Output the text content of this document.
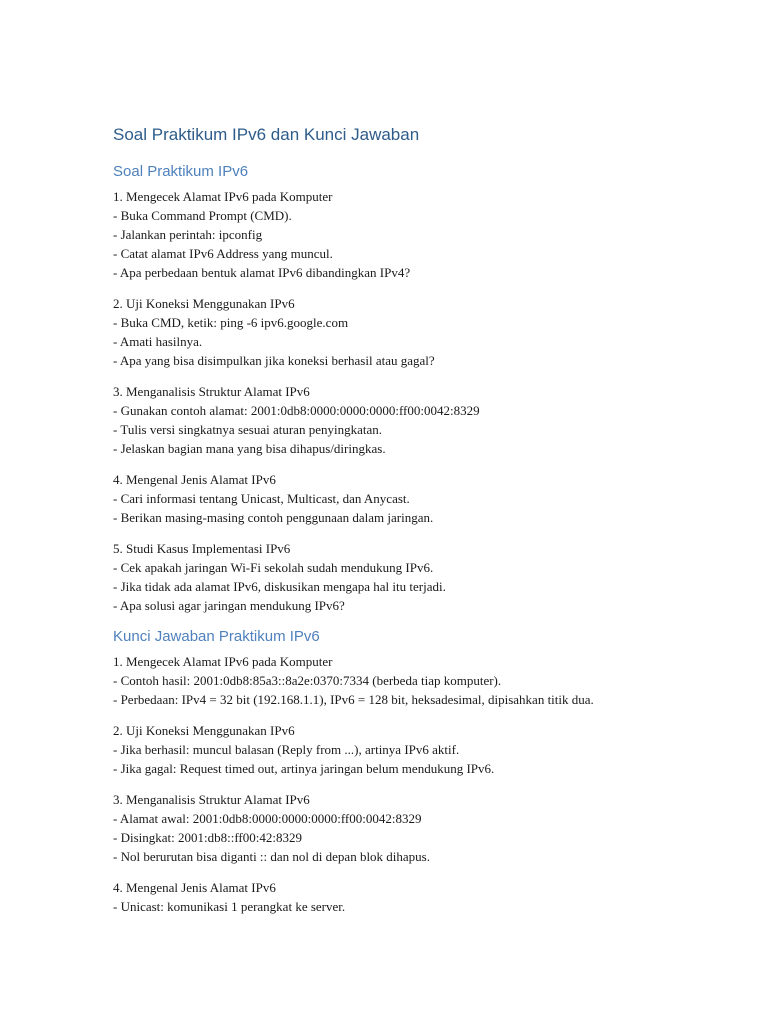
Soal Praktikum IPv6 dan Kunci Jawaban
Soal Praktikum IPv6
1. Mengecek Alamat IPv6 pada Komputer
- Buka Command Prompt (CMD).
- Jalankan perintah: ipconfig
- Catat alamat IPv6 Address yang muncul.
- Apa perbedaan bentuk alamat IPv6 dibandingkan IPv4?
2. Uji Koneksi Menggunakan IPv6
- Buka CMD, ketik: ping -6 ipv6.google.com
- Amati hasilnya.
- Apa yang bisa disimpulkan jika koneksi berhasil atau gagal?
3. Menganalisis Struktur Alamat IPv6
- Gunakan contoh alamat: 2001:0db8:0000:0000:0000:ff00:0042:8329
- Tulis versi singkatnya sesuai aturan penyingkatan.
- Jelaskan bagian mana yang bisa dihapus/diringkas.
4. Mengenal Jenis Alamat IPv6
- Cari informasi tentang Unicast, Multicast, dan Anycast.
- Berikan masing-masing contoh penggunaan dalam jaringan.
5. Studi Kasus Implementasi IPv6
- Cek apakah jaringan Wi-Fi sekolah sudah mendukung IPv6.
- Jika tidak ada alamat IPv6, diskusikan mengapa hal itu terjadi.
- Apa solusi agar jaringan mendukung IPv6?
Kunci Jawaban Praktikum IPv6
1. Mengecek Alamat IPv6 pada Komputer
- Contoh hasil: 2001:0db8:85a3::8a2e:0370:7334 (berbeda tiap komputer).
- Perbedaan: IPv4 = 32 bit (192.168.1.1), IPv6 = 128 bit, heksadesimal, dipisahkan titik dua.
2. Uji Koneksi Menggunakan IPv6
- Jika berhasil: muncul balasan (Reply from ...), artinya IPv6 aktif.
- Jika gagal: Request timed out, artinya jaringan belum mendukung IPv6.
3. Menganalisis Struktur Alamat IPv6
- Alamat awal: 2001:0db8:0000:0000:0000:ff00:0042:8329
- Disingkat: 2001:db8::ff00:42:8329
- Nol berurutan bisa diganti :: dan nol di depan blok dihapus.
4. Mengenal Jenis Alamat IPv6
- Unicast: komunikasi 1 perangkat ke server.
